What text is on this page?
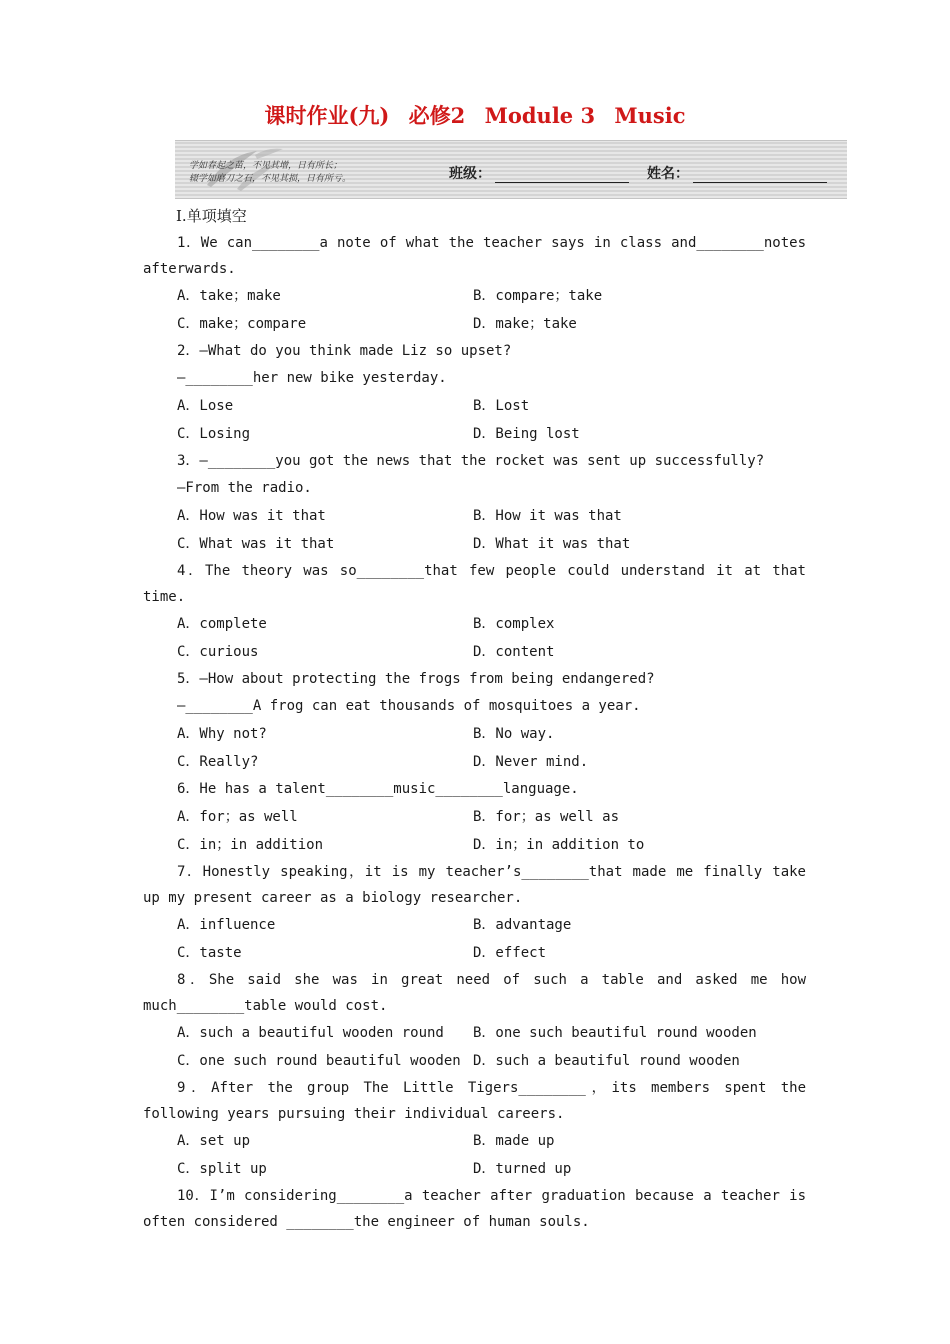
课时作业(九) 必修2 Module 3 Music
学如春起之苗，不见其增，日有所长；
辍学如磨刀之石，不见其损，日有所亏。	班级：	姓名：
Ⅰ.单项填空

1．We can________a note of what the teacher says in class and________notes afterwards.

A．take；make	B．compare；take
C．make；compare	D．make；take

2．—What do you think made Liz so upset?

—________her new bike yesterday.

A．Lose	B．Lost
C．Losing	D．Being lost

3．—________you got the news that the rocket was sent up successfully?

—From the radio.

A．How was it that	B．How it was that
C．What was it that	D．What it was that

4．The theory was so________that few people could understand it at that time.

A．complete	B．complex
C．curious	D．content

5．—How about protecting the frogs from being endangered?

—________A frog can eat thousands of mosquitoes a year.

A．Why not?	B．No way.
C．Really?	D．Never mind.

6．He has a talent________music________language.

A．for；as well	B．for；as well as
C．in；in addition	D．in；in addition to

7．Honestly speaking，it is my teacher’s________that made me finally take up my present career as a biology researcher.

A．influence	B．advantage
C．taste	D．effect

8．She said she was in great need of such a table and asked me how much________table would cost.

A．such a beautiful wooden round	B．one such beautiful round wooden
C．one such round beautiful wooden D．such a beautiful round wooden

9．After the group The Little Tigers________，its members spent the following years pursuing their individual careers.

A．set up	B．made up
C．split up	D．turned up

10．I’m considering________a teacher after graduation because a teacher is often considered ________the engineer of human souls.
